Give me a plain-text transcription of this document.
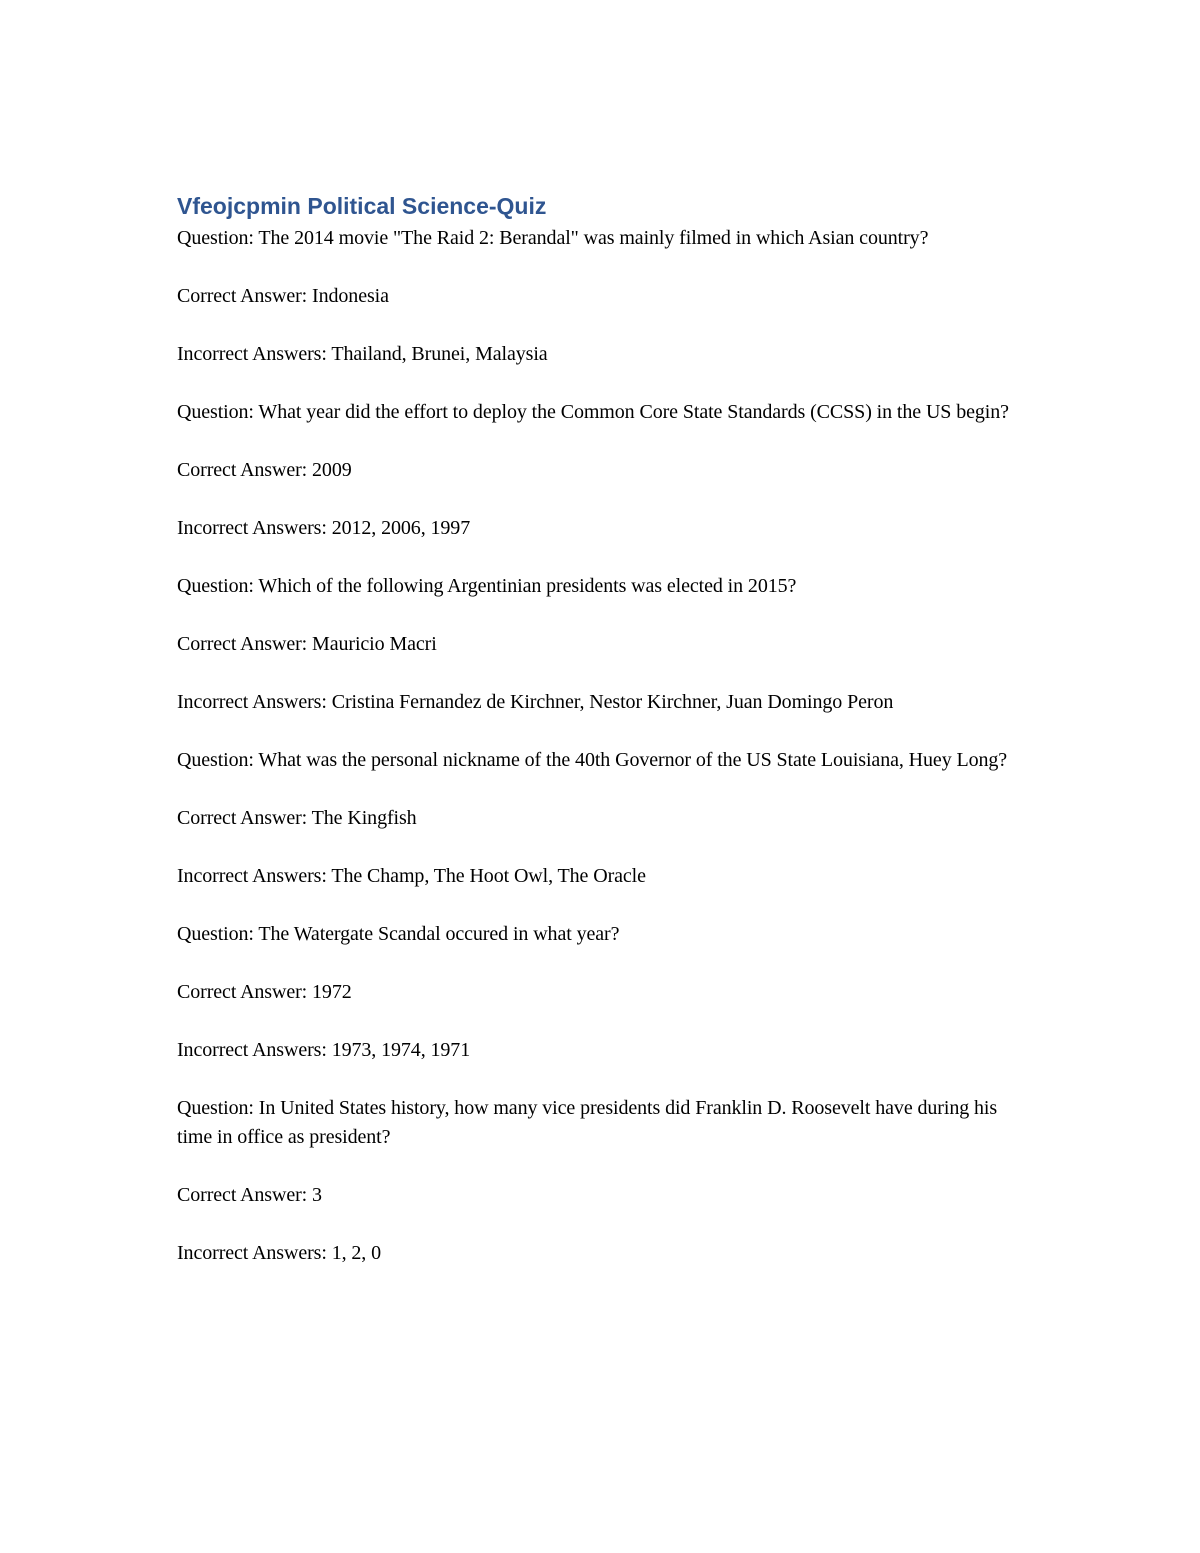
Vfeojcpmin Political Science-Quiz

Question: The 2014 movie "The Raid 2: Berandal" was mainly filmed in which Asian country?

Correct Answer: Indonesia

Incorrect Answers: Thailand, Brunei, Malaysia

Question: What year did the effort to deploy the Common Core State Standards (CCSS) in the US begin?

Correct Answer: 2009

Incorrect Answers: 2012, 2006, 1997

Question: Which of the following Argentinian presidents was elected in 2015?

Correct Answer: Mauricio Macri

Incorrect Answers: Cristina Fernandez de Kirchner, Nestor Kirchner, Juan Domingo Peron

Question: What was the personal nickname of the 40th Governor of the US State Louisiana, Huey Long?

Correct Answer: The Kingfish

Incorrect Answers: The Champ, The Hoot Owl, The Oracle

Question: The Watergate Scandal occured in what year?

Correct Answer: 1972

Incorrect Answers: 1973, 1974, 1971

Question: In United States history, how many vice presidents did Franklin D. Roosevelt have during his time in office as president?

Correct Answer: 3

Incorrect Answers: 1, 2, 0
